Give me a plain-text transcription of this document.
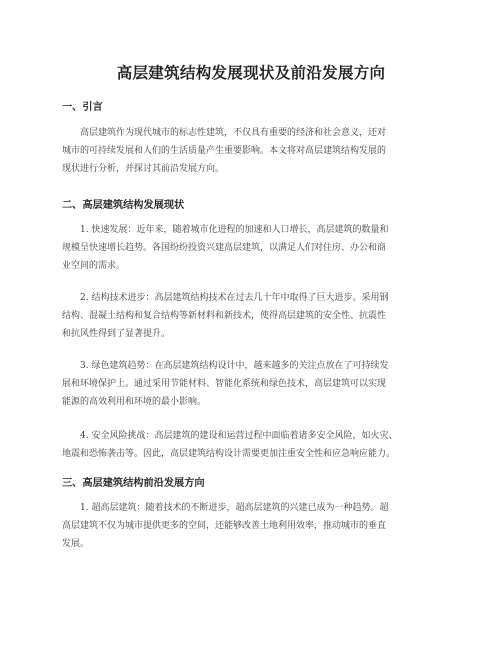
高层建筑结构发展现状及前沿发展方向
一、引言

高层建筑作为现代城市的标志性建筑，不仅具有重要的经济和社会意义，还对
城市的可持续发展和人们的生活质量产生重要影响。本文将对高层建筑结构发展的
现状进行分析，并探讨其前沿发展方向。

二、高层建筑结构发展现状

1. 快速发展：近年来，随着城市化进程的加速和人口增长，高层建筑的数量和
规模呈快速增长趋势。各国纷纷投资兴建高层建筑，以满足人们对住房、办公和商
业空间的需求。

2. 结构技术进步：高层建筑结构技术在过去几十年中取得了巨大进步。采用钢
结构、混凝土结构和复合结构等新材料和新技术，使得高层建筑的安全性、抗震性
和抗风性得到了显著提升。

3. 绿色建筑趋势：在高层建筑结构设计中，越来越多的关注点放在了可持续发
展和环境保护上。通过采用节能材料、智能化系统和绿色技术，高层建筑可以实现
能源的高效利用和环境的最小影响。

4. 安全风险挑战：高层建筑的建设和运营过程中面临着诸多安全风险，如火灾、
地震和恐怖袭击等。因此，高层建筑结构设计需要更加注重安全性和应急响应能力。

三、高层建筑结构前沿发展方向

1. 超高层建筑：随着技术的不断进步，超高层建筑的兴建已成为一种趋势。超
高层建筑不仅为城市提供更多的空间，还能够改善土地利用效率，推动城市的垂直
发展。
